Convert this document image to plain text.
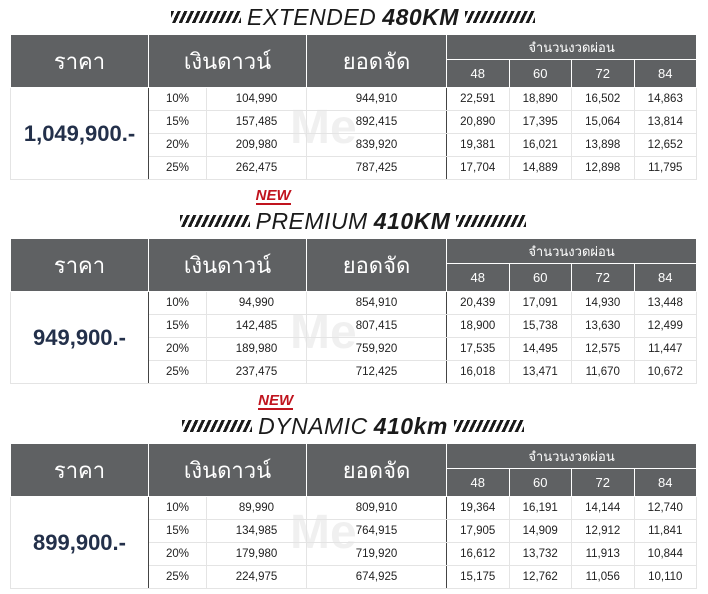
Me
Me
Me
EXTENDED 480KM
ราคา	เงินดาวน์		ยอดจัด	จำนวนงวดผ่อน			
				48	60	72	84
1,049,900.-	10%	104,990	944,910	22,591	18,890	16,502	14,863
	15%	157,485	892,415	20,890	17,395	15,064	13,814
	20%	209,980	839,920	19,381	16,021	13,898	12,652
	25%	262,475	787,425	17,704	14,889	12,898	11,795
NEW
PREMIUM 410KM
ราคา	เงินดาวน์		ยอดจัด	จำนวนงวดผ่อน			
				48	60	72	84
949,900.-	10%	94,990	854,910	20,439	17,091	14,930	13,448
	15%	142,485	807,415	18,900	15,738	13,630	12,499
	20%	189,980	759,920	17,535	14,495	12,575	11,447
	25%	237,475	712,425	16,018	13,471	11,670	10,672
NEW
DYNAMIC 410km
ราคา	เงินดาวน์		ยอดจัด	จำนวนงวดผ่อน			
				48	60	72	84
899,900.-	10%	89,990	809,910	19,364	16,191	14,144	12,740
	15%	134,985	764,915	17,905	14,909	12,912	11,841
	20%	179,980	719,920	16,612	13,732	11,913	10,844
	25%	224,975	674,925	15,175	12,762	11,056	10,110
